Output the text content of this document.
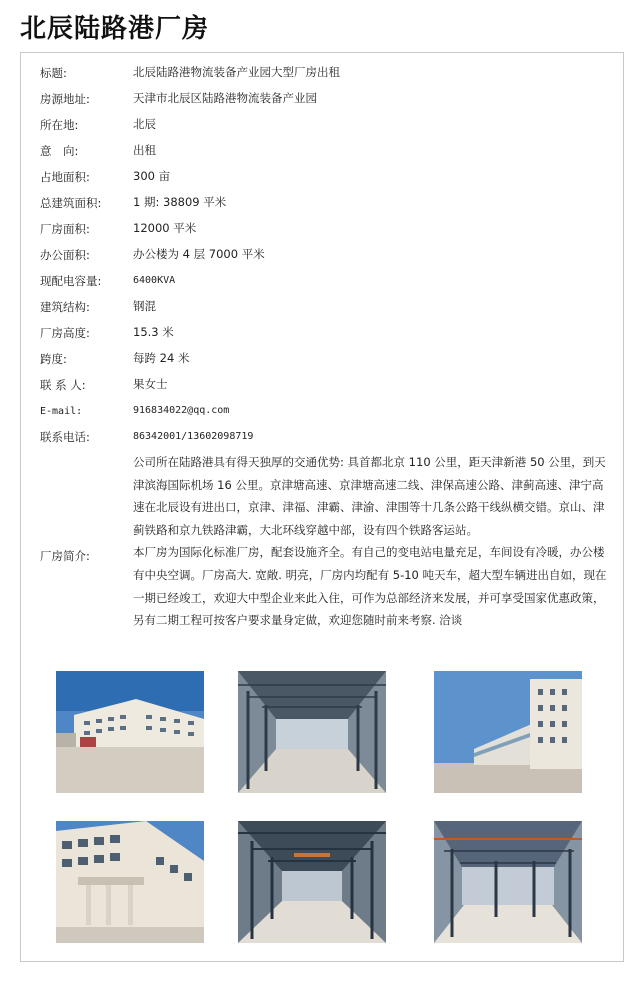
北辰陆路港厂房
标题:	北辰陆路港物流装备产业园大型厂房出租
房源地址:	天津市北辰区陆路港物流装备产业园
所在地:	北辰
意　向:	出租
占地面积:	300 亩
总建筑面积:	1 期: 38809 平米
厂房面积:	12000 平米
办公面积:	办公楼为 4 层 7000 平米
现配电容量:	6400KVA
建筑结构:	钢混
厂房高度:	15.3 米
跨度:	每跨 24 米
联 系 人:	果女士
E-mail:	916834022@qq.com
联系电话:	86342001/13602098719
厂房简介:

公司所在陆路港具有得天独厚的交通优势: 具首都北京 110 公里，距天津新港 50 公里，到天津滨海国际机场 16 公里。京津塘高速、京津塘高速二线、津保高速公路、津蓟高速、津宁高速在北辰设有进出口，京津、津福、津霸、津渝、津围等十几条公路干线纵横交错。京山、津蓟铁路和京九铁路津霸，大北环线穿越中部，设有四个铁路客运站。

本厂房为国际化标准厂房，配套设施齐全。有自己的变电站电量充足，车间设有冷暖，办公楼有中央空调。厂房高大. 宽敞. 明亮，厂房内均配有 5-10 吨天车，超大型车辆进出自如，现在一期已经竣工，欢迎大中型企业来此入住，可作为总部经济来发展，并可享受国家优惠政策，另有二期工程可按客户要求量身定做，欢迎您随时前来考察. 洽谈
